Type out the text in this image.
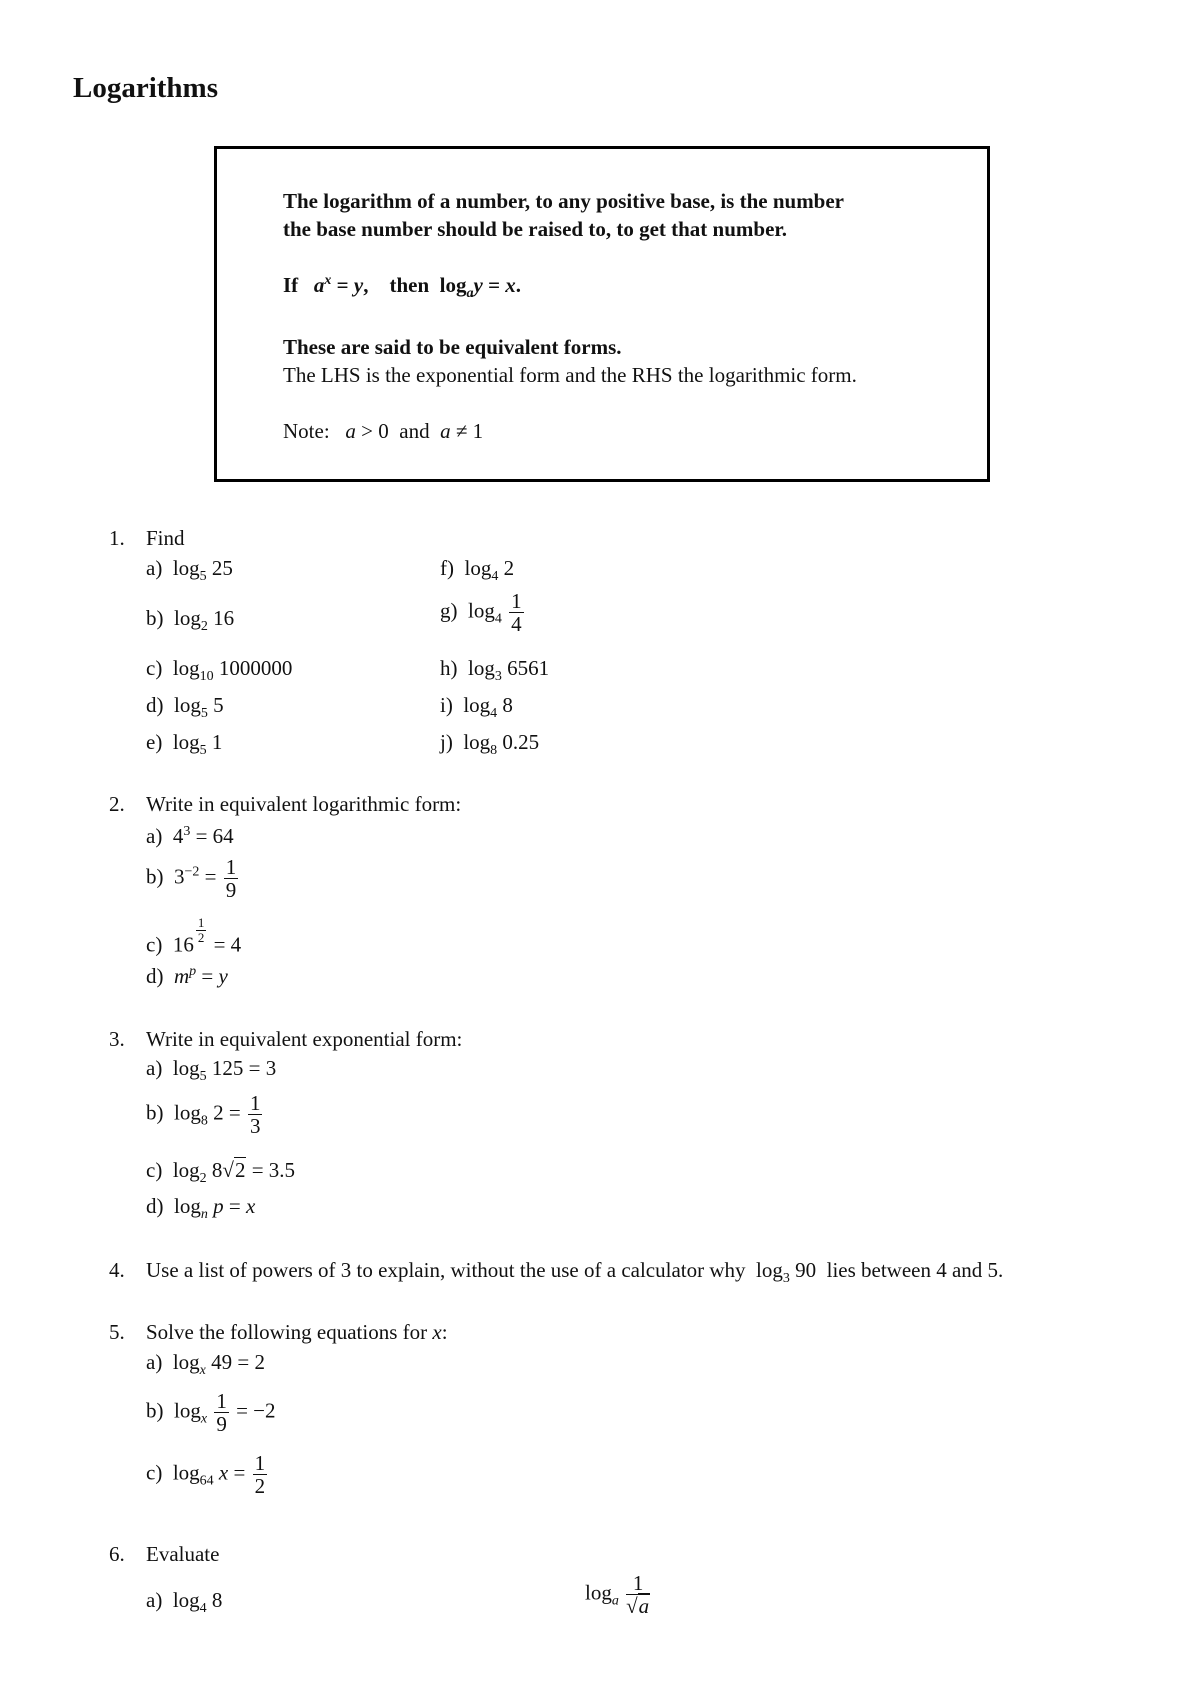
Logarithms
The logarithm of a number, to any positive base, is the number
the base number should be raised to, to get that number.
If $a^x = y$,    then  $\log_ay = x$.
These are said to be equivalent forms.
The LHS is the exponential form and the RHS the logarithmic form.
Note: a > 0  and a ≠ 1
1. Find
a)  $\log_5 25$
b)  $\log_2 16$
c)  $\log_{10} 1000000$
d)  $\log_5 5$
e)  $\log_5 1$
f)  $\log_4 2$
g)  $\log_4 \frac{1}{4}$
h)  $\log_3 6561$
i)  $\log_4 8$
j)  $\log_8 0.25$
2. Write in equivalent logarithmic form:
a) $4^3 = 64$
b) $3^{-2} = \frac{1}{9}$
c) 16
$\frac{1}{2}$
= 4
d) $m^p = y$
3. Write in equivalent exponential form:
a)  $\log_5 125 = 3$
b)  $\log_8 2 = \frac{1}{3}$
c)  $\log_2 8√2 = 3.5$
d)  $\log_n p = x$
4. Use a list of powers of 3 to explain, without the use of a calculator why  $\log_3 90$ lies between 4 and 5.
5. Solve the following equations for x:
a)  $\log_x 49 = 2$
b)  $\log_x \frac{1}{9} = -2$
c)  $\log_{64} x = \frac{1}{2}$
6. Evaluate
a)  $\log_4 8$	$\log_a \frac{1}{√a}$
